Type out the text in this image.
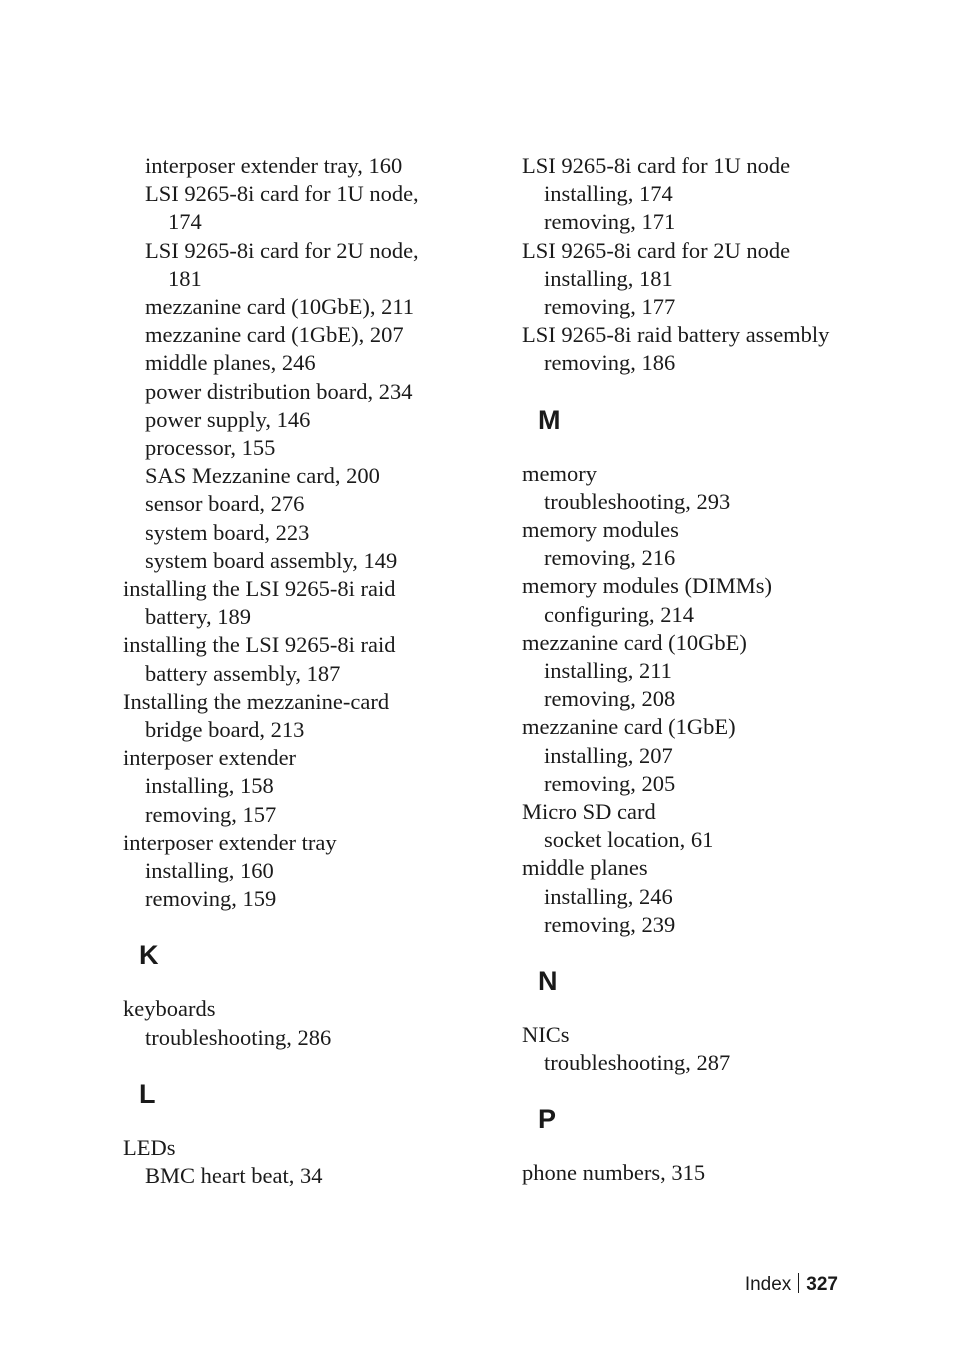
interposer extender tray, 160
LSI 9265-8i card for 1U node,
174
LSI 9265-8i card for 2U node,
181
mezzanine card (10GbE), 211
mezzanine card (1GbE), 207
middle planes, 246
power distribution board, 234
power supply, 146
processor, 155
SAS Mezzanine card, 200
sensor board, 276
system board, 223
system board assembly, 149
installing the LSI 9265-8i raid
battery, 189
installing the LSI 9265-8i raid
battery assembly, 187
Installing the mezzanine-card
bridge board, 213
interposer extender
installing, 158
removing, 157
interposer extender tray
installing, 160
removing, 159
K
keyboards
troubleshooting, 286
L
LEDs
BMC heart beat, 34
LSI 9265-8i card for 1U node
installing, 174
removing, 171
LSI 9265-8i card for 2U node
installing, 181
removing, 177
LSI 9265-8i raid battery assembly
removing, 186
M
memory
troubleshooting, 293
memory modules
removing, 216
memory modules (DIMMs)
configuring, 214
mezzanine card (10GbE)
installing, 211
removing, 208
mezzanine card (1GbE)
installing, 207
removing, 205
Micro SD card
socket location, 61
middle planes
installing, 246
removing, 239
N
NICs
troubleshooting, 287
P
phone numbers, 315
Index 327
